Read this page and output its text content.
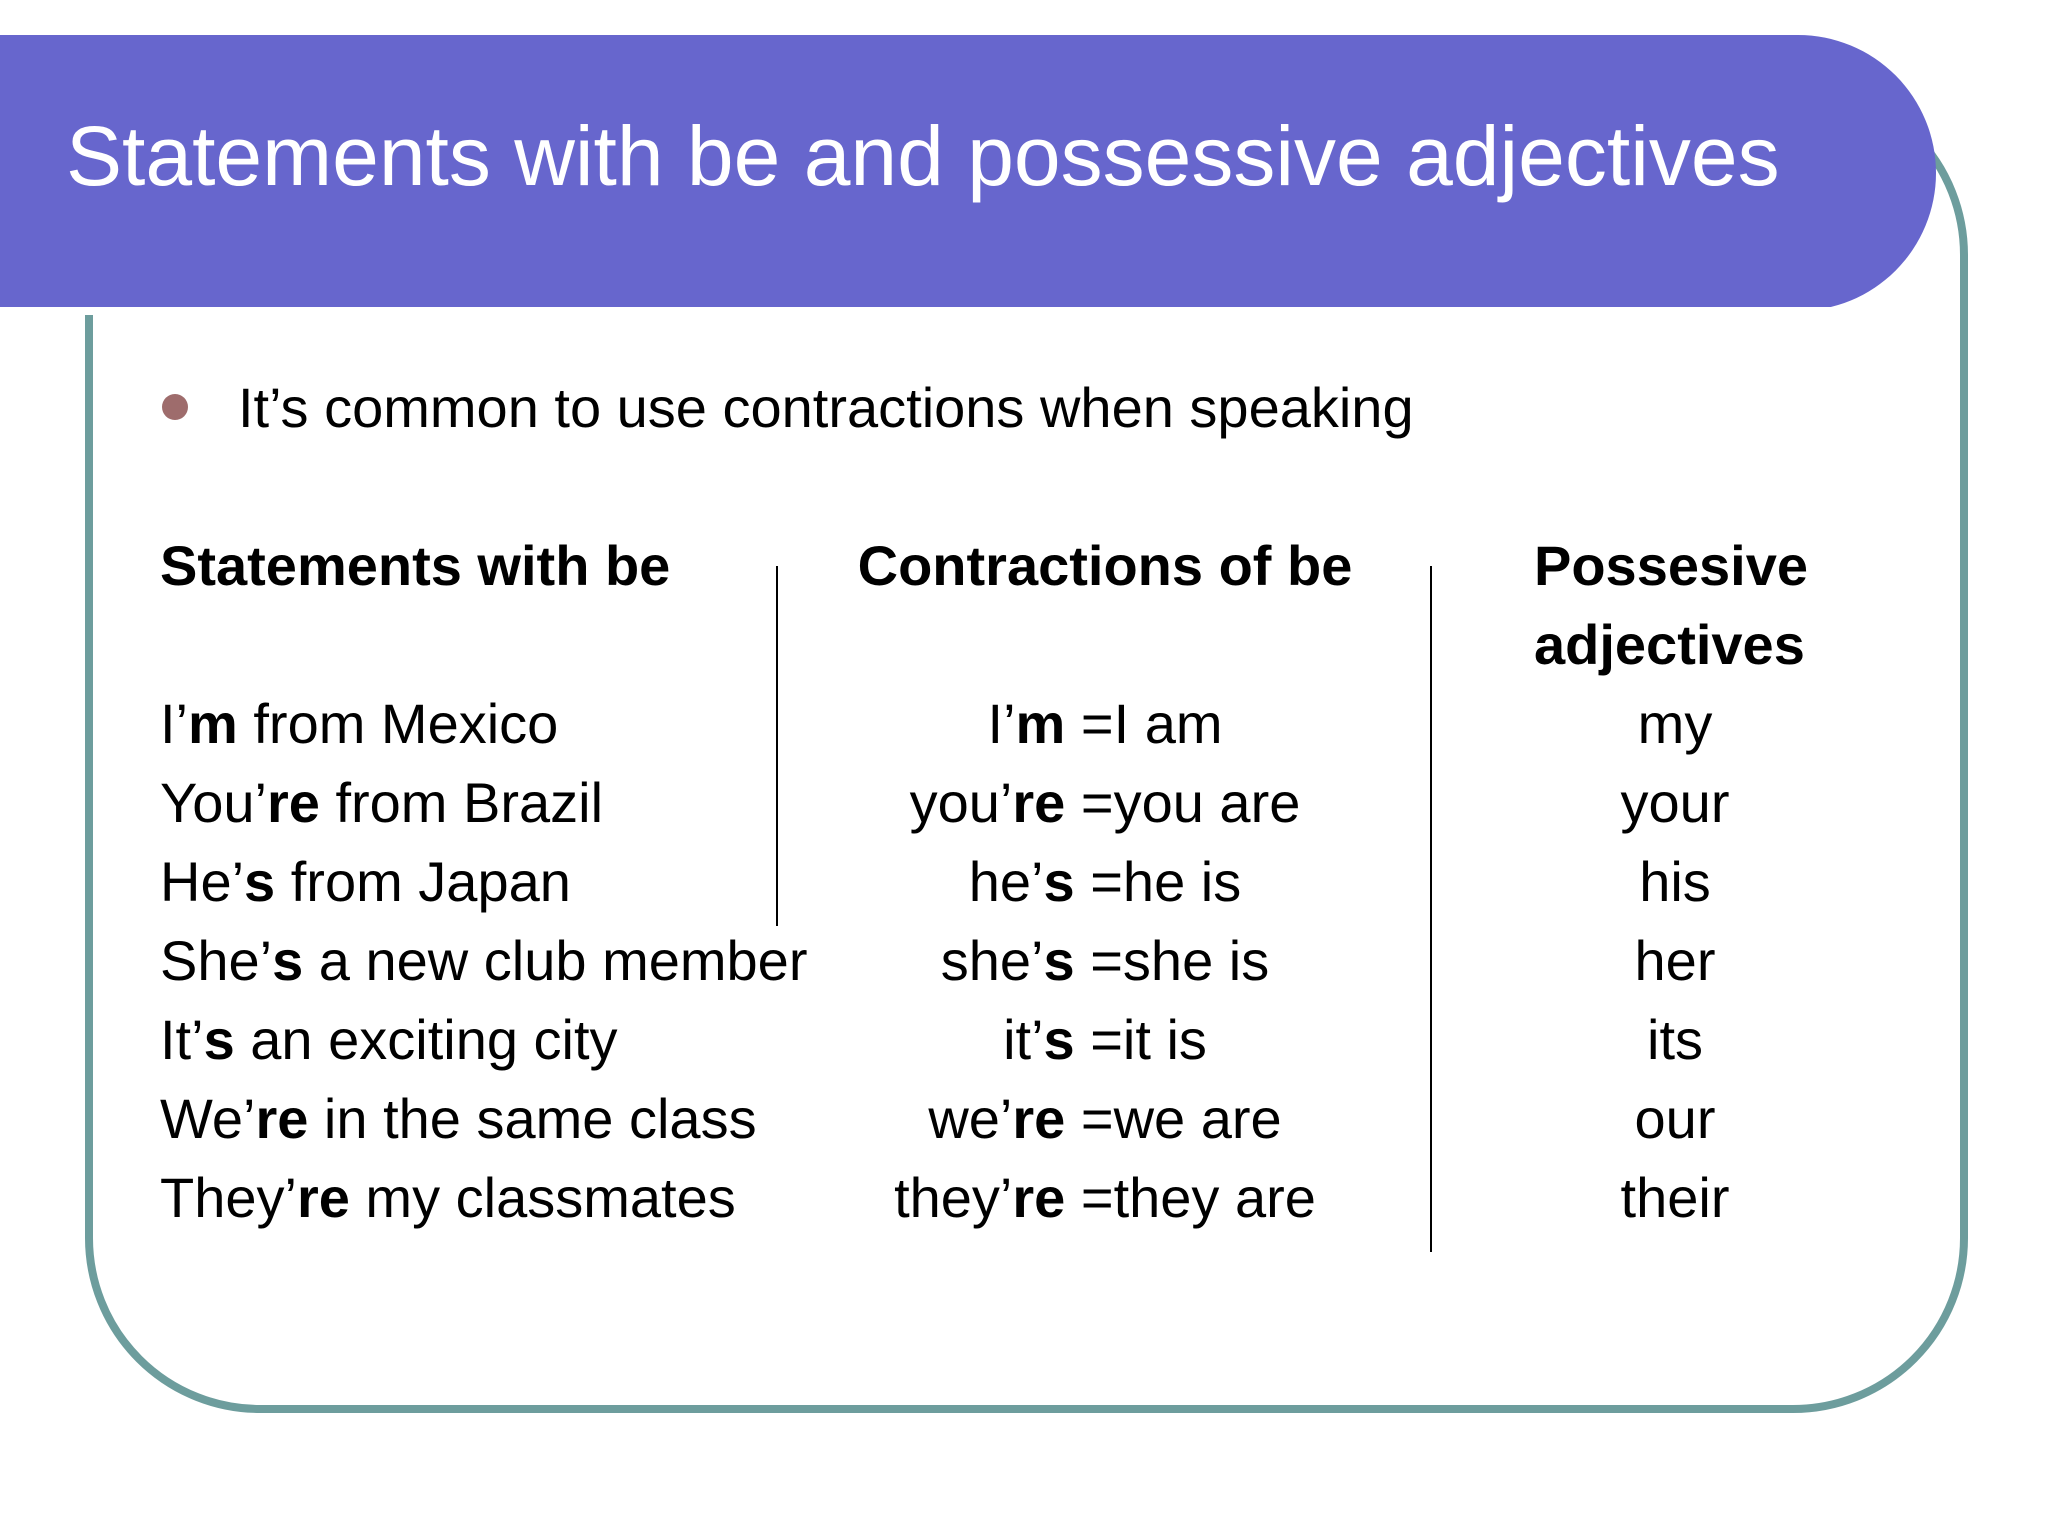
Statements with be and possessive adjectives
It’s common to use contractions when speaking
Statements with be
I’m from Mexico
You’re from Brazil
He’s from Japan
She’s a new club member
It’s an exciting city
We’re in the same class
They’re my classmates
Contractions of be
I’m =I am
you’re =you are
he’s =he is
she’s =she is
it’s =it is
we’re =we are
they’re =they are
Possesive
adjectives
my
your
his
her
its
our
their
